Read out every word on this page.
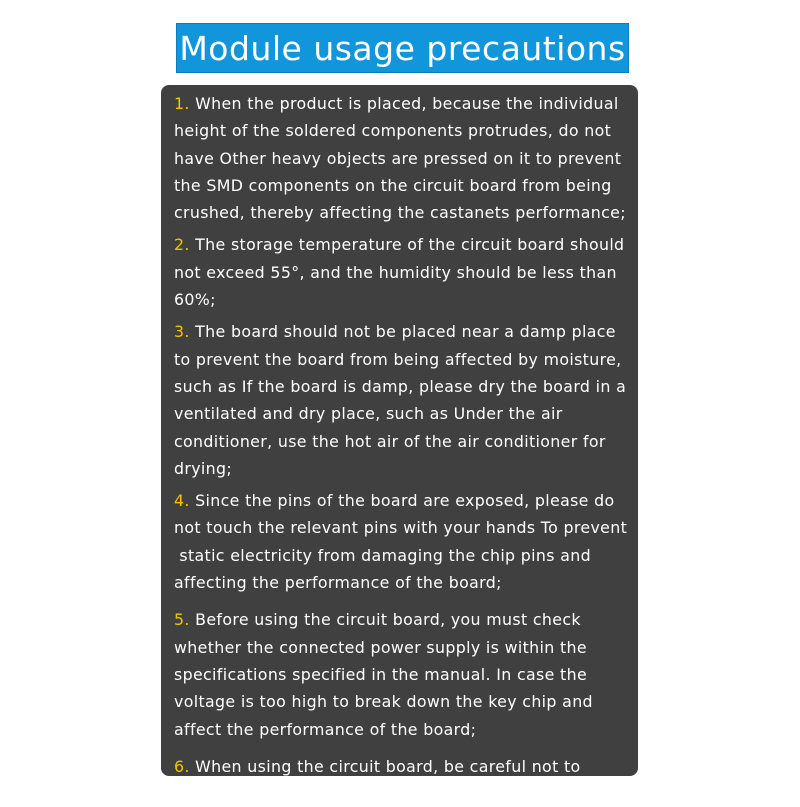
Module usage precautions

1. When the product is placed, because the individual
height of the soldered components protrudes, do not
have Other heavy objects are pressed on it to prevent
the SMD components on the circuit board from being
crushed, thereby affecting the castanets performance;

2. The storage temperature of the circuit board should
not exceed 55°, and the humidity should be less than
60%;

3. The board should not be placed near a damp place
to prevent the board from being affected by moisture,
such as If the board is damp, please dry the board in a
ventilated and dry place, such as Under the air
conditioner, use the hot air of the air conditioner for
drying;

4. Since the pins of the board are exposed, please do
not touch the relevant pins with your hands To prevent
static electricity from damaging the chip pins and
affecting the performance of the board;

5. Before using the circuit board, you must check
whether the connected power supply is within the
specifications specified in the manual. In case the
voltage is too high to break down the key chip and
affect the performance of the board;

6. When using the circuit board, be careful not to
reverse the power supply;
